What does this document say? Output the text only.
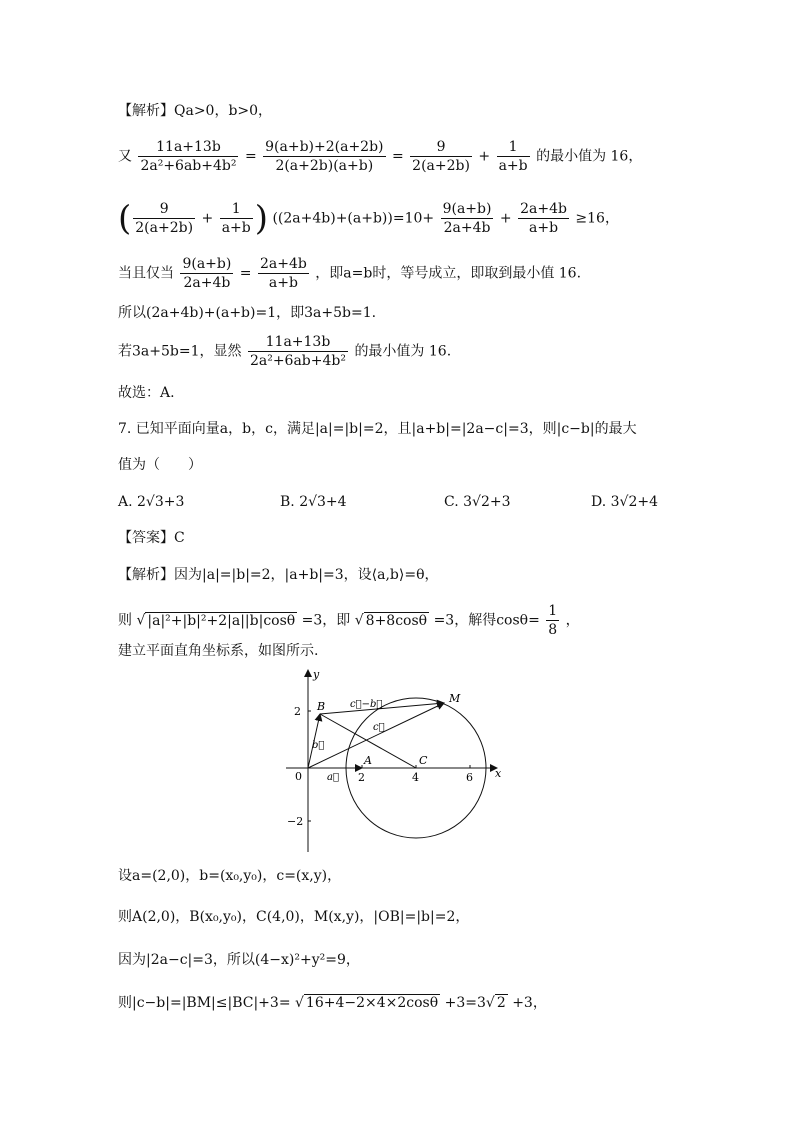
【解析】Qa>0，b>0，
又 $\frac{11a+13b}{\text{2a²+6ab+4b²}} = \frac{9(a+b)+2(a+2b)}{2(a+2b)(a+b)} = \frac{9}{2(a+2b)} + \frac{1}{a+b}$ 的最小值为 16，
( $\frac{9}{2(a+2b)} + \frac{1}{a+b}$ ) $((2a+4b)+(a+b))=10+ \frac{9(a+b)}{2a+4b} + \frac{2a+4b}{a+b} \ge 16$，
当且仅当 $\frac{9(a+b)}{2a+4b} = \frac{2a+4b}{a+b}$ ，即a=b时，等号成立，即取到最小值 16.
所以(2a+4b)+(a+b)=1，即3a+5b=1.
若3a+5b=1，显然 $\frac{11a+13b}{\text{2a²+6ab+4b²}}$ 的最小值为 16.
故选：A.
7. 已知平面向量a，b，c，满足|a|=|b|=2，且|a+b|=|2a−c|=3，则|c−b|的最大
值为（　　）
A. 2√3+3	B. 2√3+4	C. 3√2+3	D. 3√2+4
【答案】C
【解析】因为|a|=|b|=2，|a+b|=3，设⟨a,b⟩=θ，
则 √ |a|²+|b|²+2|a||b|cosθ =3，即 √ 8+8cosθ =3，解得$\cos\theta= \frac{1}{8}$ ，
建立平面直角坐标系，如图所示.
y
x
0	2	4	6
2
−2
B
A	C
M
a⃗
b⃗
c⃗
c⃗−b⃗
设a=(2,0)，b=(x₀,y₀)，c=(x,y)，
则A(2,0)，B(x₀,y₀)，C(4,0)，M(x,y)，|OB|=|b|=2，
因为|2a−c|=3，所以(4−x)²+y²=9，
则|c−b|=|BM|≤|BC|+3= √ 16+4−2×4×2cosθ +3=3√ 2 +3，
